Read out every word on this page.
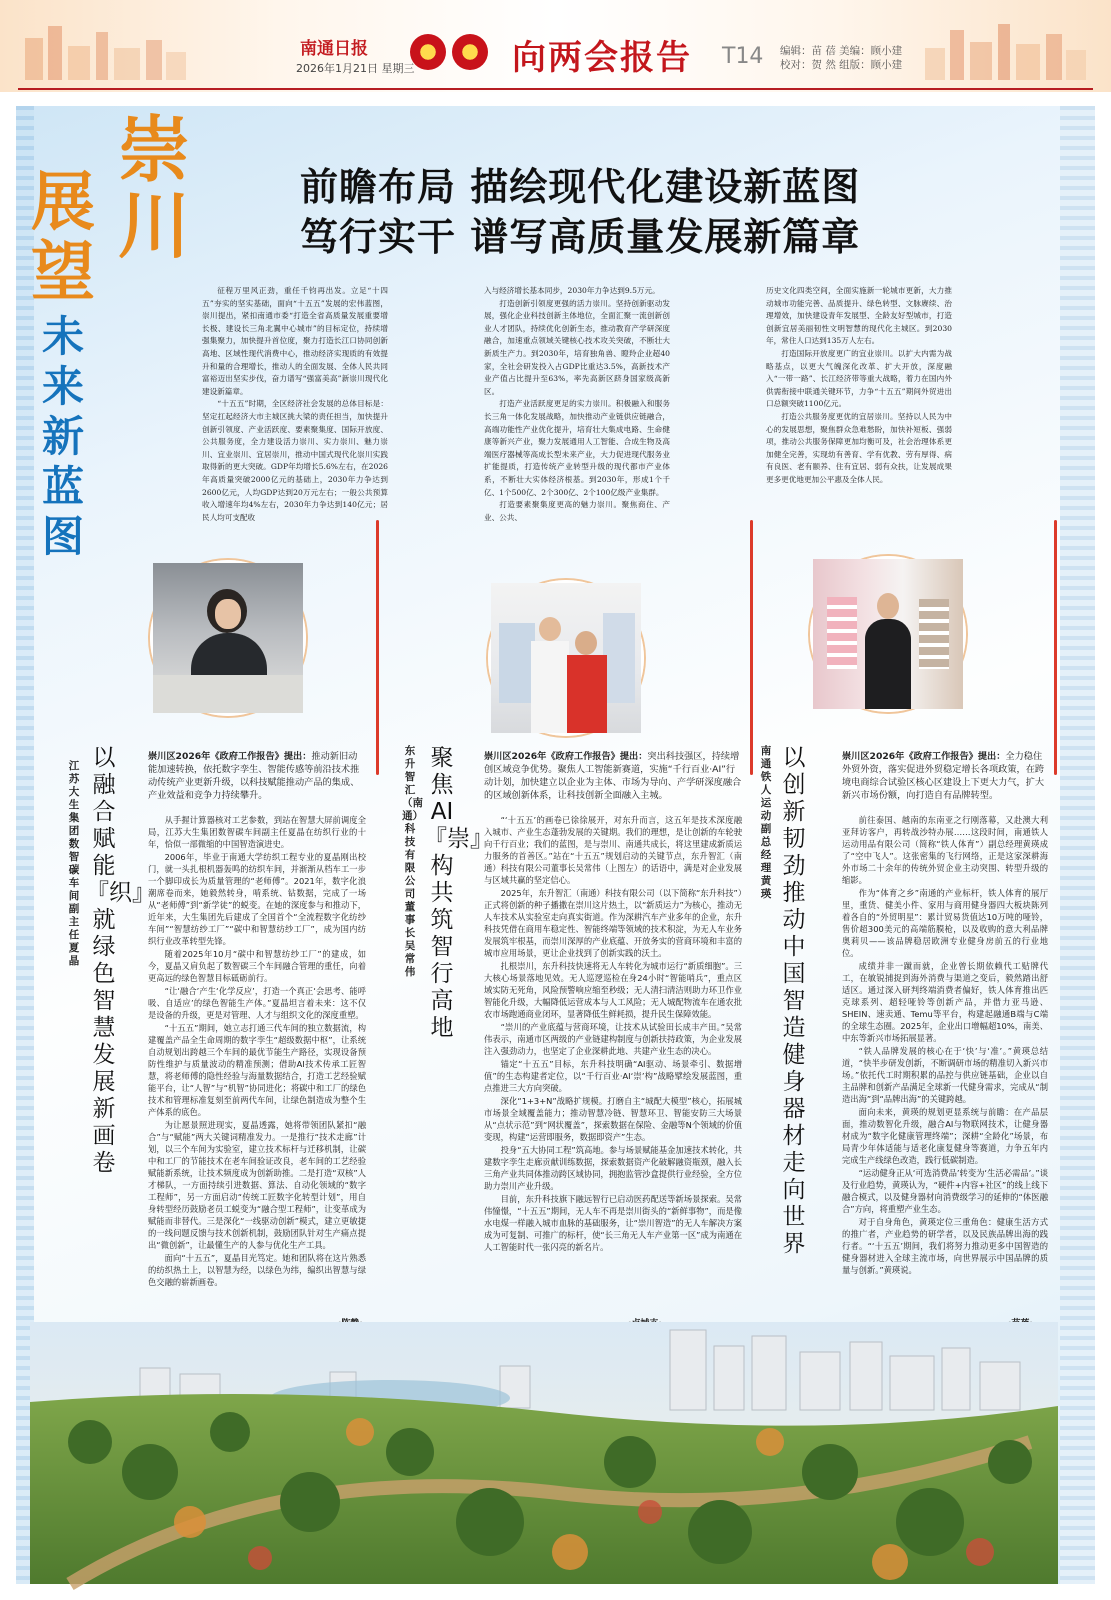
南通日报
2026年1月21日 星期三	向两会报告 T14 编辑：苗 蓓 美编：顾小建
校对：贺 然 组版：顾小建
崇川
展望
未来新蓝图
前瞻布局 描绘现代化建设新蓝图
笃行实干 谱写高质量发展新篇章

征程万里风正劲，重任千钧再出发。立足“十四五”夯实的坚实基础，面向“十五五”发展的宏伟蓝图，崇川提出，紧扣南通市委“打造全省高质量发展重要增长极、建设长三角北翼中心城市”的目标定位，持续增强集聚力，加快提升首位度，聚力打造长江口协同创新高地、区域性现代消费中心，推动经济实现质的有效提升和量的合理增长，推动人的全面发展、全体人民共同富裕迈出坚实步伐，奋力谱写“强富美高”新崇川现代化建设新篇章。

“十五五”时期，全区经济社会发展的总体目标是：坚定扛起经济大市主城区挑大梁的责任担当，加快提升创新引领度、产业活跃度、要素聚集度、国际开放度、公共服务度，全力建设活力崇川、实力崇川、魅力崇川、宜业崇川、宜居崇川，推动中国式现代化崇川实践取得新的更大突破。GDP年均增长5.6%左右，在2026年高质量突破2000亿元的基础上，2030年力争达到2600亿元，人均GDP达到20万元左右；一般公共预算收入增速年均4%左右，2030年力争达到140亿元；居民人均可支配收

入与经济增长基本同步，2030年力争达到9.5万元。

打造创新引领度更强的活力崇川。坚持创新驱动发展，强化企业科技创新主体地位，全面汇聚一流创新创业人才团队，持续优化创新生态，推动教育产学研深度融合，加速重点领域关键核心技术攻关突破，不断壮大新质生产力。到2030年，培育独角兽、瞪羚企业超40家，全社会研发投入占GDP比重达3.5%，高新技术产业产值占比提升至63%，率先高新区跻身国家级高新区。

打造产业活跃度更足的实力崇川。积极融入和服务长三角一体化发展战略，加快推动产业链供应链融合，高端功能性产业优化提升，培育壮大集成电路、生命健康等新兴产业，聚力发展通用人工智能、合成生物及高端医疗器械等高成长型未来产业，大力促进现代服务业扩能提质，打造传统产业转型升级的现代都市产业体系，不断壮大实体经济根基。到2030年，形成1个千亿、1个500亿、2个300亿、2个100亿级产业集群。

打造要素聚集度更高的魅力崇川。聚焦商住、产业、公共、

历史文化四类空间，全面实施新一轮城市更新，大力推动城市功能完善、品质提升、绿色转型、文脉赓续、治理增效，加快建设青年发展型、全龄友好型城市，打造创新宜居美丽韧性文明智慧的现代化主城区。到2030年，常住人口达到135万人左右。

打造国际开放度更广的宜业崇川。以扩大内需为战略基点，以更大气魄深化改革、扩大开放，深度融入“一带一路”、长江经济带等重大战略，着力在国内外供需衔接中联通关键环节，力争“十五五”期间外贸进出口总额突破1100亿元。

打造公共服务度更优的宜居崇川。坚持以人民为中心的发展思想，聚焦群众急难愁盼，加快补短板、强弱项，推动公共服务保障更加均衡可及，社会治理体系更加健全完善，实现幼有善育、学有优教、劳有厚得、病有良医、老有颐养、住有宜居、弱有众扶，让发展成果更多更优地更加公平惠及全体人民。

以融合赋能 『织』就绿色智慧发展新画卷
江苏大生集团数智碳车间副主任夏晶
崇川区2026年《政府工作报告》提出：推动新旧动能加速转换，依托数字孪生、智能传感等前沿技术推动传统产业更新升级，以科技赋能推动产品的集成、产业效益和竞争力持续攀升。

从手握计算器核对工艺参数，到站在智慧大屏前调度全局，江苏大生集团数智碳车间副主任夏晶在纺织行业的十年，恰似一部微缩的中国智造演进史。

2006年，毕业于南通大学纺织工程专业的夏晶刚出校门，就一头扎根机器轰鸣的纺织车间，并渐渐从档车工一步一个脚印成长为质量管理的“老师傅”。2021年，数字化浪潮席卷而来，她毅然转身，啃系统、钻数据，完成了一场从“老师傅”到“新学徒”的蜕变。在她的深度参与和推动下，近年来，大生集团先后建成了全国首个“全流程数字化纺纱车间”“智慧纺纱工厂”“碳中和智慧纺纱工厂”，成为国内纺织行业改革转型先锋。

随着2025年10月“碳中和智慧纺纱工厂”的建成，如今，夏晶又肩负起了数智碳三个车间融合管理的重任，向着更高远的绿色智慧目标砥砺前行。

“让‘融合’产生‘化学反应’，打造一个真正‘会思考、能呼吸、自适应’的绿色智能生产体。”夏晶坦言着未来：这不仅是设备的升级，更是对管理、人才与组织文化的深度重塑。

“十五五”期间，她立志打通三代车间的独立数据流，构建覆盖产品全生命周期的数字孪生“超级数据中枢”，让系统自动规划出跨越三个车间的最优节能生产路径，实现设备预防性维护与质量波动的精准预测；借助AI技术传承工匠智慧，将老师傅的隐性经验与海量数据结合，打造工艺经验赋能平台，让“人智”与“机智”协同进化；将碳中和工厂的绿色技术和管理标准复刻至前两代车间，让绿色制造成为整个生产体系的底色。

为让愿景照进现实，夏晶透露，她将带领团队紧扣“融合”与“赋能”两大关键词精准发力。一是推行“技术走廊”计划，以三个车间为实验室，建立技术标杆与迁移机制，让碳中和工厂的节能技术在老车间验证改良，老车间的工艺经验赋能新系统，让技术频度成为创新助推。二是打造“双核”人才梯队，一方面持续引进数据、算法、自动化领域的“数字工程师”，另一方面启动“传统工匠数字化转型计划”，用自身转型经历鼓励老员工蜕变为“融合型工程师”，让变革成为赋能而非替代。三是深化“一线驱动创新”模式，建立更敏捷的一线问题反馈与技术创新机制，鼓励团队针对生产痛点提出“微创新”，让最懂生产的人参与优化生产工具。

面向“十五五”，夏晶目光笃定。她和团队将在这片熟悉的纺织热土上，以智慧为经，以绿色为纬，编织出智慧与绿色交融的崭新画卷。

聚焦AI『崇』构 共筑智行高地
东升智汇（南通）科技有限公司董事长吴常伟
崇川区2026年《政府工作报告》提出：突出科技强区，持续增创区域竞争优势。聚焦人工智能新赛道，实施“千行百业·AI”行动计划，加快建立以企业为主体、市场为导向、产学研深度融合的区域创新体系，让科技创新全面融入主城。

“‘十五五’的画卷已徐徐展开，对东升而言，这五年是技术深度融入城市、产业生态蓬勃发展的关键期。我们的理想，是让创新的车轮驶向千行百业；我们的蓝图，是与崇川、南通共成长，将这里建成新质运力服务的首善区。”站在“十五五”规划启动的关键节点，东升智汇（南通）科技有限公司董事长吴常伟（上图左）的话语中，满是对企业发展与区域共赢的坚定信心。

2025年，东升智汇（南通）科技有限公司（以下简称“东升科技”）正式将创新的种子播撒在崇川这片热土，以“新质运力”为核心，推动无人车技术从实验室走向真实街道。作为深耕汽车产业多年的企业，东升科技凭借在商用车稳定性、智能终端等领域的技术积淀，为无人车业务发展筑牢根基，而崇川深厚的产业底蕴、开放务实的营商环境和丰富的城市应用场景，更让企业找到了创新实践的沃土。

扎根崇川，东升科技快速将无人车转化为城市运行“新质细胞”。三大核心场景落地见效。无人巡逻巡检在身24小时“智能哨兵”，重点区域实防无死角，风险预警响应缩至秒级；无人清扫清洁则助力环卫作业智能化升级，大幅降低运营成本与人工风险；无人城配物流车在通农批农市场跑通商业闭环，显著降低生鲜耗损，提升民生保障效能。

“崇川的产业底蕴与营商环境，让技术从试验田长成丰产田。”吴常伟表示，南通市区两级的产业链建构制度与创新扶持政策，为企业发展注入强劲动力，也坚定了企业深耕此地、共建产业生态的决心。

锚定“十五五”目标，东升科技明确“AI驱动、场景牵引、数据增值”的生态构建者定位，以“千行百业·AI‘崇’构”战略擘绘发展蓝图，重点推进三大方向突破。

深化“1+3+N”战略扩规模。打磨自主“城配大模型”核心，拓展城市场景全域覆盖能力；推动智慧冷链、智慧环卫、智能安防三大场景从“点状示范”到“网状覆盖”，探索数据在保险、金融等N个领域的价值变现，构建“运营即服务，数据即资产”生态。

投身“五大协同工程”筑高地。参与场景赋能基金加速技术转化，共建数字孪生走廊贡献训练数据，探索数据资产化破解融资瓶颈，融入长三角产业共同体推动跨区域协同，拥抱监管沙盒提供行业经验，全方位助力崇川产业升级。

目前，东升科技旗下融远智行已启动医药配送等新场景探索。吴常伟憧憬，“十五五”期间，无人车不再是崇川街头的“新鲜事物”，而是像水电煤一样融入城市血脉的基础服务，让“崇川智造”的无人车解决方案成为可复制、可推广的标杆，使“长三角无人车产业第一区”成为南通在人工智能时代一张闪亮的新名片。

以创新韧劲 推动中国智造健身器材走向世界
南通铁人运动副总经理黄瑛
崇川区2026年《政府工作报告》提出：全力稳住外贸外资，落实促进外贸稳定增长各项政策，在跨境电商综合试验区核心区建设上下更大力气，扩大新兴市场份额，向打造自有品牌转型。

前往泰国、越南的东南亚之行刚落幕，又赴澳大利亚拜访客户，再转战沙特办展……这段时间，南通铁人运动用品有限公司（简称“铁人体育”）副总经理黄瑛成了“空中飞人”。这张密集的飞行网络，正是这家深耕海外市场二十余年的传统外贸企业主动突围、转型升级的缩影。

作为“体育之乡”南通的产业标杆，铁人体育的展厅里，重货、健美小件、家用与商用健身器四大板块陈列着各自的“外贸明星”：累计贸易货值达10万吨的哑铃，售价超300美元的高端筋膜枪，以及收购的意大利品牌奥莉贝——该品牌稳居欧洲专业健身房前五的行业地位。

成绩并非一蹴而就，企业曾长期依赖代工贴牌代工，在敏锐捕捉到海外消费与渠道之变后，毅然踏出舒适区。通过深入研判终端消费者偏好，铁人体育推出匹克球系列、超轻哑铃等创新产品，并借力亚马逊、SHEIN、速卖通、Temu等平台，构建起融通B端与C端的全球生态圈。2025年，企业出口增幅超10%，南美、中东等新兴市场拓展显著。

“铁人品牌发展的核心在于‘快’与‘准’。”黄瑛总结道，“快半步研发创新，不断调研市场的精准切入新兴市场。”依托代工时期积累的品控与供应链基础，企业以自主品牌和创新产品满足全球新一代健身需求，完成从“制造出海”到“品牌出海”的关键跨越。

面向未来，黄瑛的规划更显系统与前瞻：在产品层面，推动数智化升级，融合AI与物联网技术，让健身器材成为“数字化健康管理终端”；深耕“全龄化”场景，布局青少年体适能与适老化康复健身等赛道，力争五年内完成生产线绿色改造，践行低碳制造。

“运动健身正从‘可选消费品’转变为‘生活必需品’。”谈及行业趋势，黄瑛认为，“硬件+内容+社区”的线上线下融合模式，以及健身器材向消费级学习的延伸的“体医融合”方向，将重塑产业生态。

对于自身角色，黄瑛定位三重角色：健康生活方式的推广者，产业趋势的研学者，以及民族品牌出海的践行者。“‘十五五’期间，我们将努力推动更多中国智造的健身器材进入全球主流市场，向世界展示中国品牌的质量与创新。”黄瑛说。
